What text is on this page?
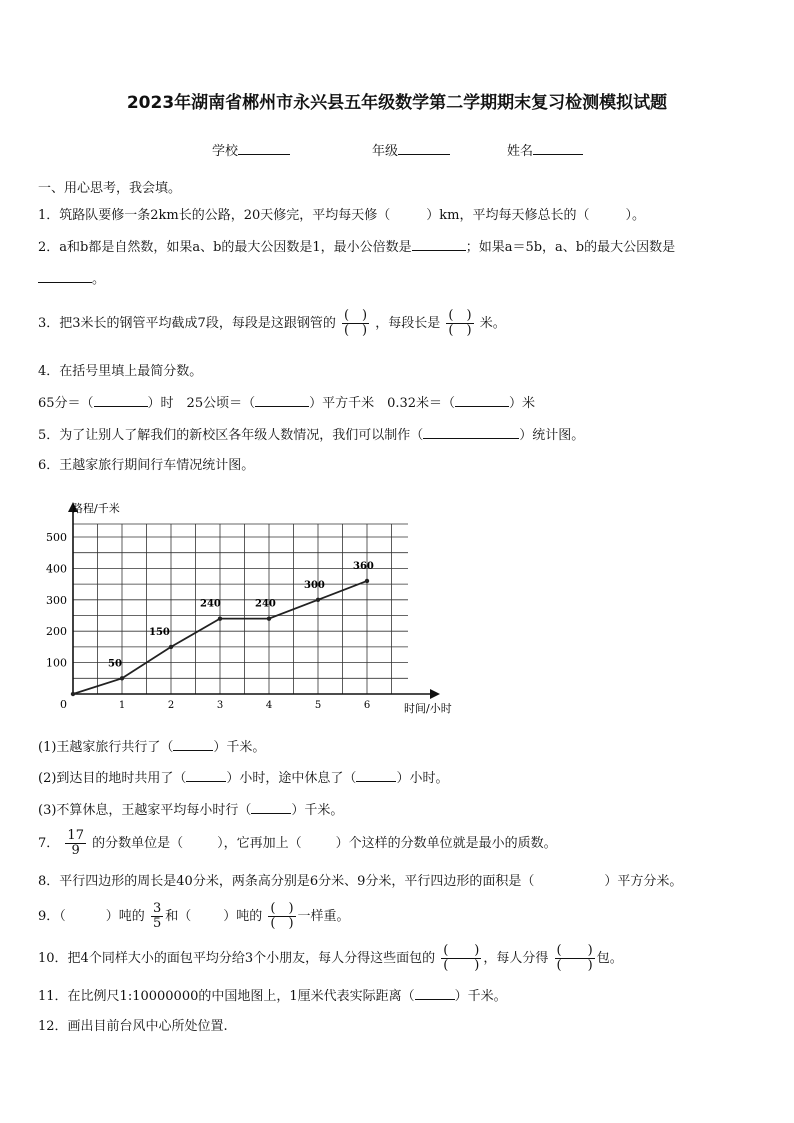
2023年湖南省郴州市永兴县五年级数学第二学期期末复习检测模拟试题
学校	年级	姓名
一、用心思考，我会填。
1．筑路队要修一条2km长的公路，20天修完，平均每天修（	）km，平均每天修总长的（	）。
2．a和b都是自然数，如果a、b的最大公因数是1，最小公倍数是	；如果a＝5b，a、b的最大公因数是
。
3．把3米长的钢管平均截成7段，每段是这跟钢管的 $\frac{( )}{( )}$ ，每段长是 $\frac{( )}{( )}$ 米。
4．在括号里填上最简分数。
65分＝（	）时　25公顷＝（	）平方千米　0.32米＝（	）米
5．为了让别人了解我们的新校区各年级人数情况，我们可以制作（	）统计图。
6．王越家旅行期间行车情况统计图。
路程/千米
时间/小时
0	1	2	3	4	5	6
100
200
300
400
500
50
150
240	240
300
360
(1)王越家旅行共行了（	）千米。
(2)到达目的地时共用了（	）小时，途中休息了（	）小时。
(3)不算休息，王越家平均每小时行（	）千米。
7． $\frac{17}{9}$ 的分数单位是（	），它再加上（	）个这样的分数单位就是最小的质数。
8．平行四边形的周长是40分米，两条高分别是6分米、9分米，平行四边形的面积是（	）平方分米。
9．（	）吨的 $\frac{3}{5}$ 和（ ）吨的 $\frac{( )}{( )}$ 一样重。
10．把4个同样大小的面包平均分给3个小朋友，每人分得这些面包的 $\frac{( )}{( )}$ ，每人分得 $\frac{( )}{( )}$ 包。
11．在比例尺1:10000000的中国地图上，1厘米代表实际距离（	）千米。
12．画出目前台风中心所处位置.
